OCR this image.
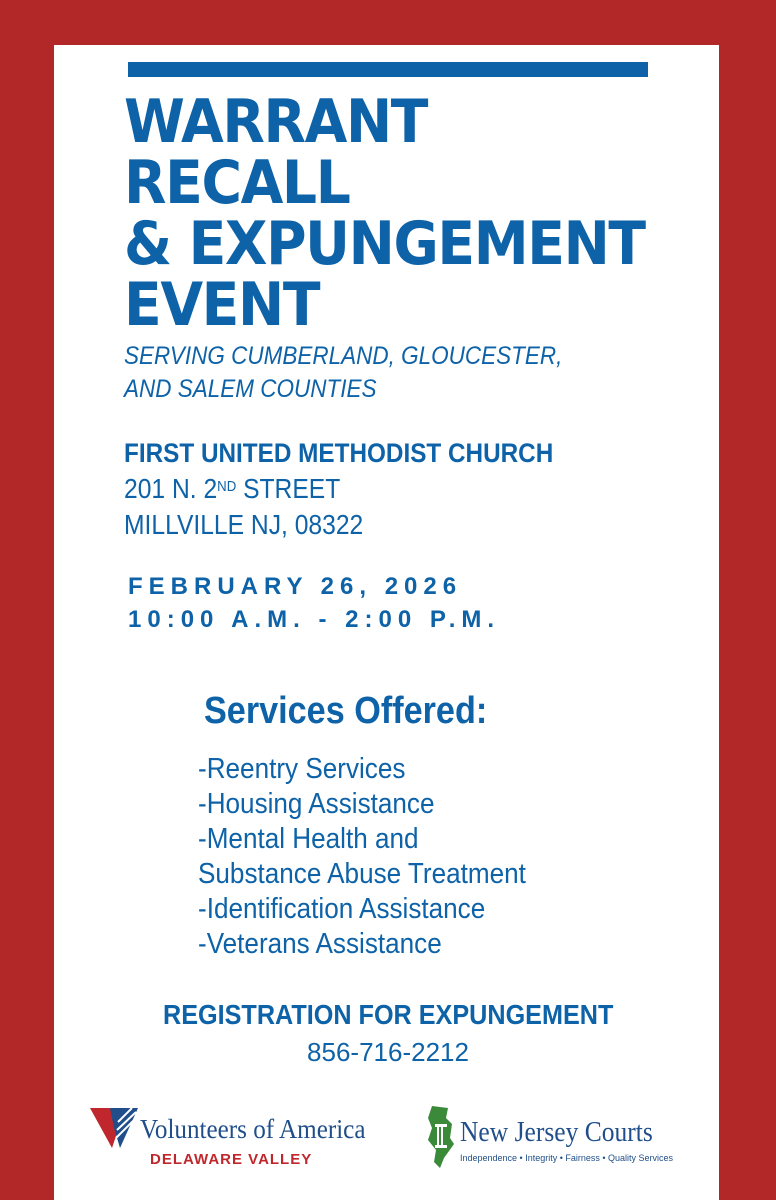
WARRANT
RECALL
& EXPUNGEMENT
EVENT
SERVING CUMBERLAND, GLOUCESTER,
AND SALEM COUNTIES
FIRST UNITED METHODIST CHURCH
201 N. 2ND STREET
MILLVILLE NJ, 08322
FEBRUARY 26, 2026
10:00 A.M. - 2:00 P.M.
Services Offered:
-Reentry Services
-Housing Assistance
-Mental Health and
Substance Abuse Treatment
-Identification Assistance
-Veterans Assistance
REGISTRATION FOR EXPUNGEMENT
856-716-2212
Volunteers of America
DELAWARE VALLEY
New Jersey Courts
Independence • Integrity • Fairness • Quality Services
